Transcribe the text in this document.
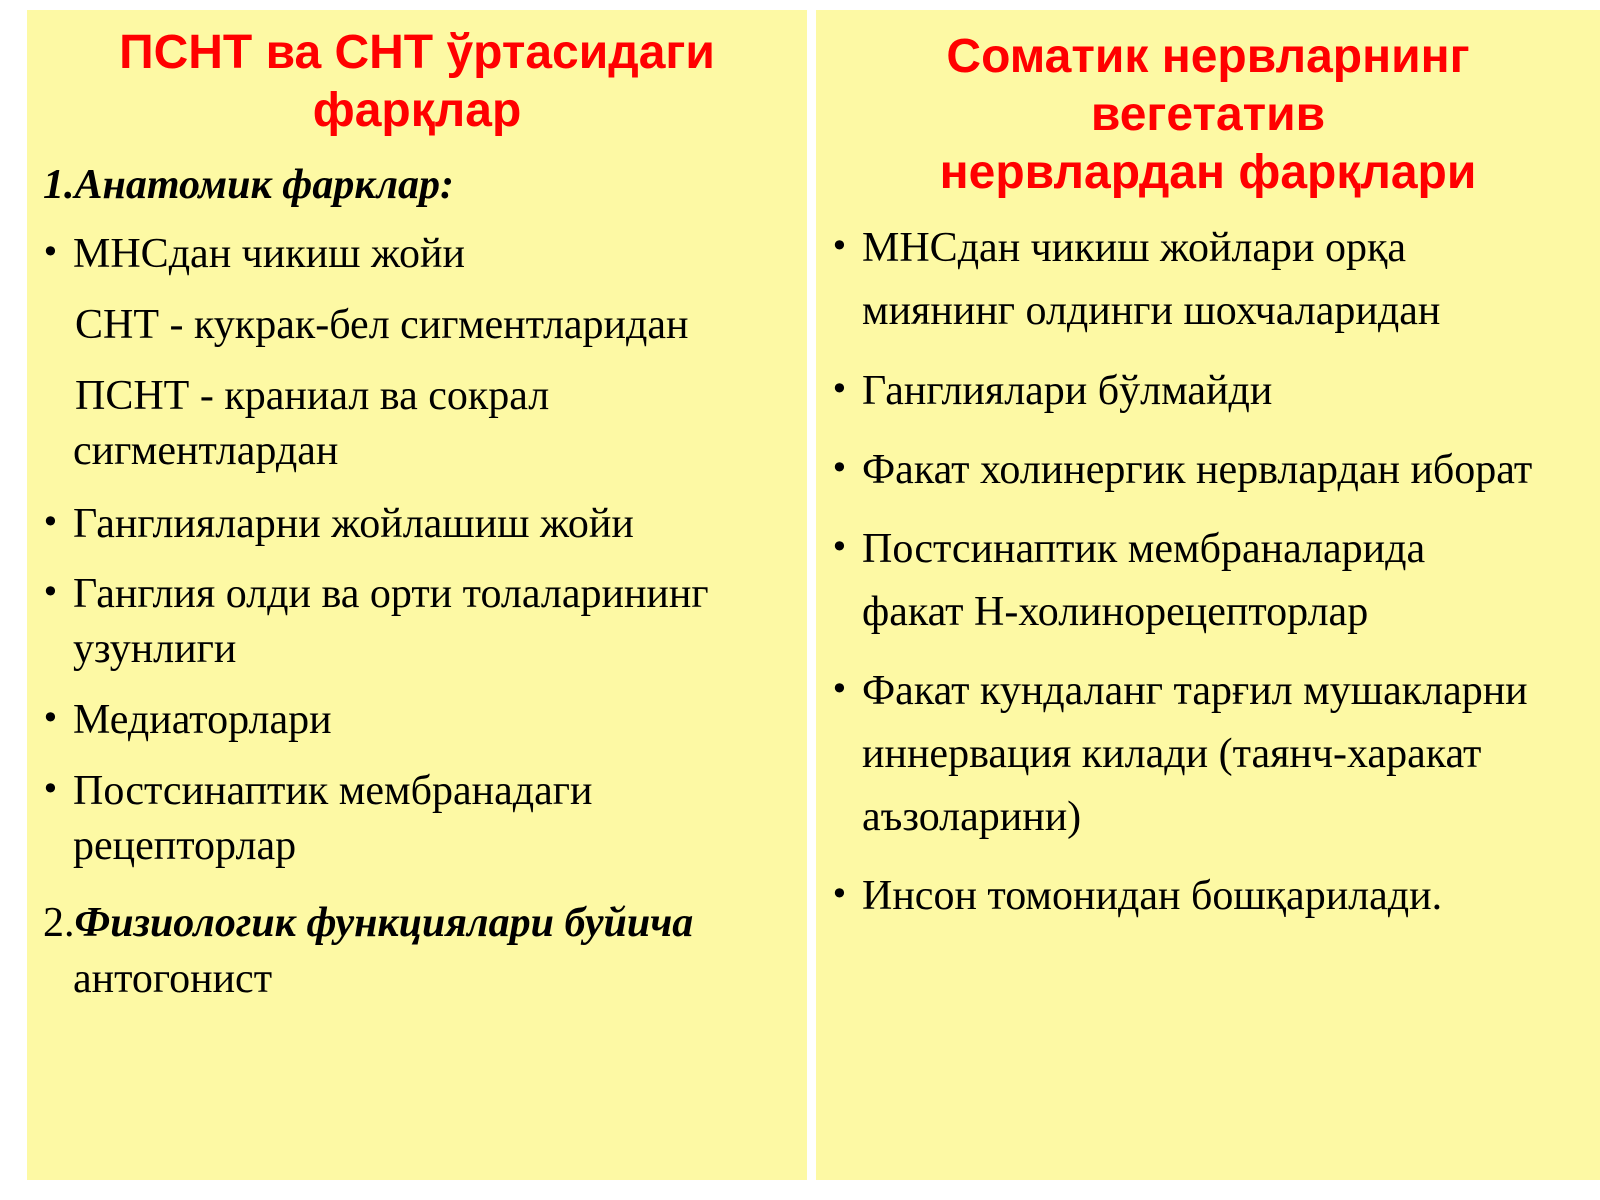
ПСНТ ва СНТ ўртасидаги
фарқлар
1.Анатомик фарклар:
• МНСдан чикиш жойи
СНТ - кукрак-бел сигментларидан
ПСНТ - краниал ва сокрал
сигментлардан
• Ганглияларни жойлашиш жойи
• Ганглия олди ва орти толаларининг
узунлиги
• Медиаторлари
• Постсинаптик мембранадаги
рецепторлар
2.Физиологик функциялари буйича
антогонист
Соматик нервларнинг
вегетатив
нервлардан фарқлари
• МНСдан чикиш жойлари орқа миянинг олдинги шохчаларидан
• Ганглиялари бўлмайди
• Факат холинергик нервлардан иборат
• Постсинаптик мембраналарида факат Н-холинорецепторлар
• Факат кундаланг тарғил мушакларни иннервация килади (таянч-харакат аъзоларини)
• Инсон томонидан бошқарилади.
